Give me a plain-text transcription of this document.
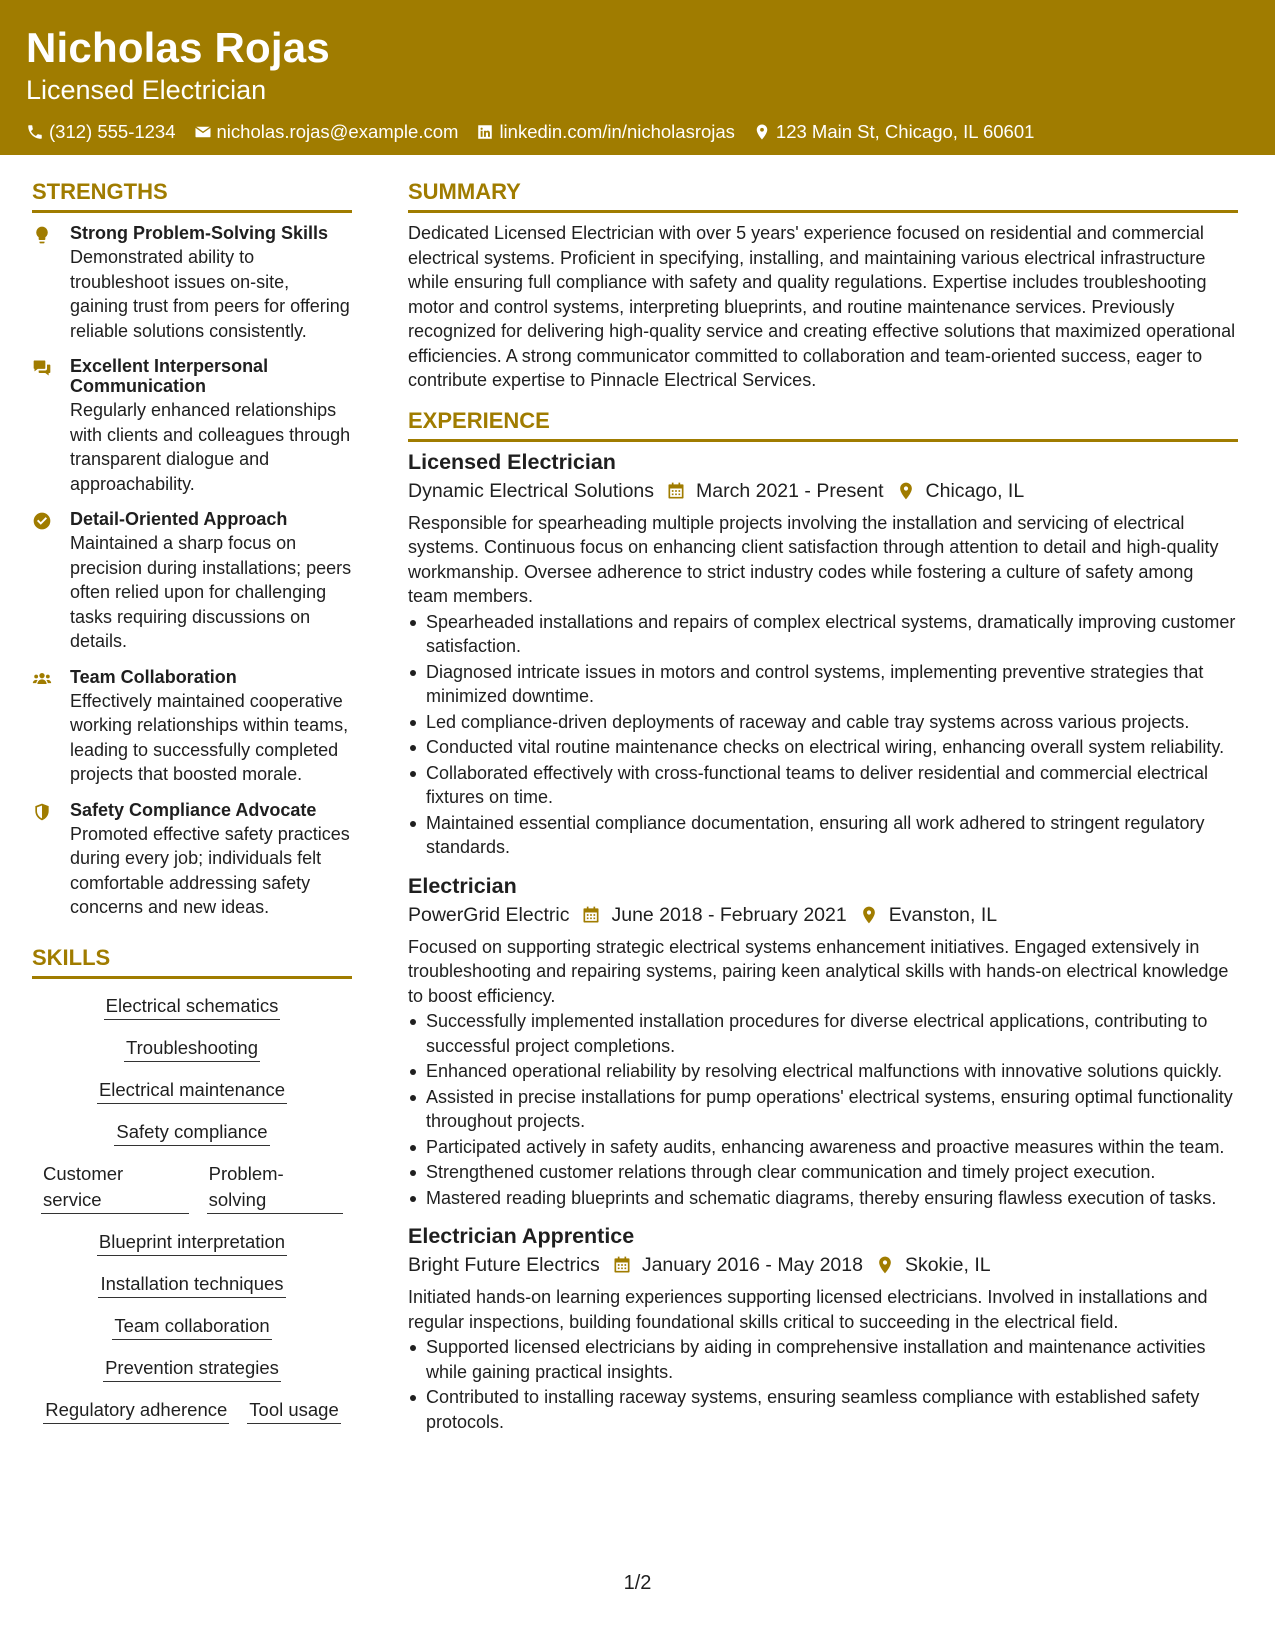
Nicholas Rojas
Licensed Electrician
(312) 555-1234 nicholas.rojas@example.com linkedin.com/in/nicholasrojas 123 Main St, Chicago, IL 60601
STRENGTHS
Strong Problem-Solving Skills
Demonstrated ability to troubleshoot issues on-site, gaining trust from peers for offering reliable solutions consistently.
Excellent Interpersonal Communication
Regularly enhanced relationships with clients and colleagues through transparent dialogue and approachability.
Detail-Oriented Approach
Maintained a sharp focus on precision during installations; peers often relied upon for challenging tasks requiring discussions on details.
Team Collaboration
Effectively maintained cooperative working relationships within teams, leading to successfully completed projects that boosted morale.
Safety Compliance Advocate
Promoted effective safety practices during every job; individuals felt comfortable addressing safety concerns and new ideas.
SKILLS
Electrical schematics
Troubleshooting
Electrical maintenance
Safety compliance
Customer service
Problem-solving
Blueprint interpretation
Installation techniques
Team collaboration
Prevention strategies
Regulatory adherence Tool usage
SUMMARY
Dedicated Licensed Electrician with over 5 years' experience focused on residential and commercial electrical systems. Proficient in specifying, installing, and maintaining various electrical infrastructure while ensuring full compliance with safety and quality regulations. Expertise includes troubleshooting motor and control systems, interpreting blueprints, and routine maintenance services. Previously recognized for delivering high-quality service and creating effective solutions that maximized operational efficiencies. A strong communicator committed to collaboration and team-oriented success, eager to contribute expertise to Pinnacle Electrical Services.
EXPERIENCE
Licensed Electrician
Dynamic Electrical Solutions March 2021 - Present Chicago, IL
Responsible for spearheading multiple projects involving the installation and servicing of electrical systems. Continuous focus on enhancing client satisfaction through attention to detail and high-quality workmanship. Oversee adherence to strict industry codes while fostering a culture of safety among team members.
Spearheaded installations and repairs of complex electrical systems, dramatically improving customer satisfaction.
Diagnosed intricate issues in motors and control systems, implementing preventive strategies that minimized downtime.
Led compliance-driven deployments of raceway and cable tray systems across various projects.
Conducted vital routine maintenance checks on electrical wiring, enhancing overall system reliability.
Collaborated effectively with cross-functional teams to deliver residential and commercial electrical fixtures on time.
Maintained essential compliance documentation, ensuring all work adhered to stringent regulatory standards.
Electrician
PowerGrid Electric June 2018 - February 2021 Evanston, IL
Focused on supporting strategic electrical systems enhancement initiatives. Engaged extensively in troubleshooting and repairing systems, pairing keen analytical skills with hands-on electrical knowledge to boost efficiency.
Successfully implemented installation procedures for diverse electrical applications, contributing to successful project completions.
Enhanced operational reliability by resolving electrical malfunctions with innovative solutions quickly.
Assisted in precise installations for pump operations' electrical systems, ensuring optimal functionality throughout projects.
Participated actively in safety audits, enhancing awareness and proactive measures within the team.
Strengthened customer relations through clear communication and timely project execution.
Mastered reading blueprints and schematic diagrams, thereby ensuring flawless execution of tasks.
Electrician Apprentice
Bright Future Electrics January 2016 - May 2018 Skokie, IL
Initiated hands-on learning experiences supporting licensed electricians. Involved in installations and regular inspections, building foundational skills critical to succeeding in the electrical field.
Supported licensed electricians by aiding in comprehensive installation and maintenance activities while gaining practical insights.
Contributed to installing raceway systems, ensuring seamless compliance with established safety protocols.
1/2
